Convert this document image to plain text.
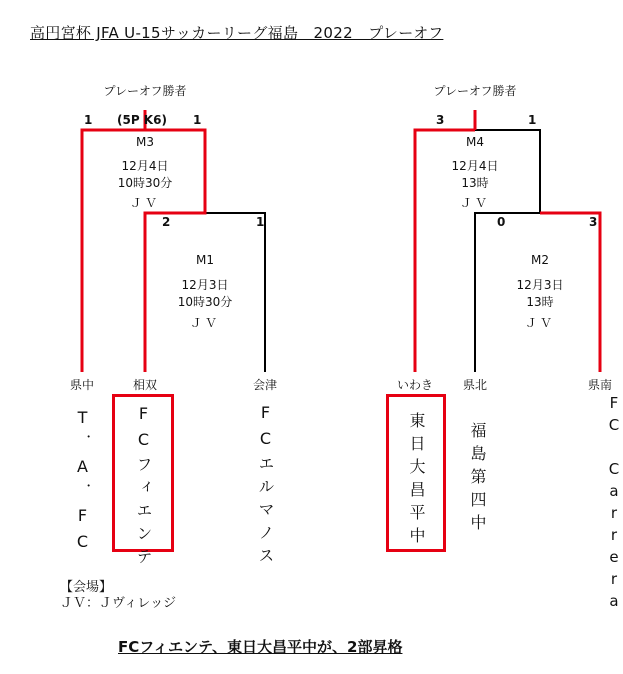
高円宮杯 JFA U-15サッカーリーグ福島　2022　プレーオフ
プレーオフ勝者
1 (5P K6) 1
M3
12月4日
10時30分
ＪＶ
2	1
M1
12月3日
10時30分
ＪＶ
県中	相双	会津
T．A．FC	FCフィエンテ	FCエルマノス
プレーオフ勝者
3	1
M4
12月4日
13時
ＪＶ
0	3
M2
12月3日
13時
ＪＶ
いわき 県北	県南
東日大昌平中	福島第四中	FC Carrera
【会場】
ＪＶ：Ｊヴィレッジ
FCフィエンテ、東日大昌平中が、2部昇格
